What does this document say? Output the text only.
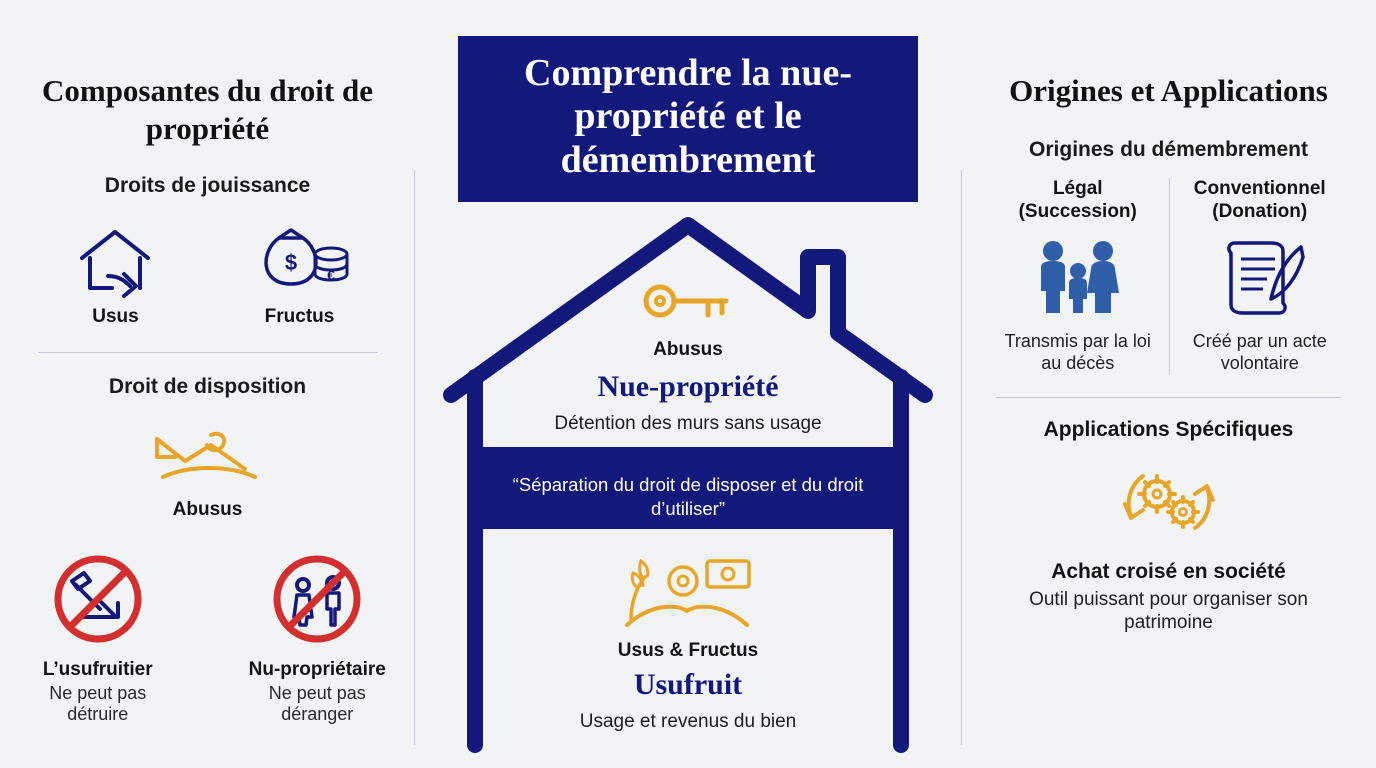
Composantes du droit de propriété
Droits de jouissance
Usus
$ €
Fructus
Droit de disposition
Abusus
L’usufruitier
Ne peut pas détruire
Nu-propriétaire
Ne peut pas déranger
Comprendre la nue-propriété et le démembrement
Abusus
Nue-propriété
Détention des murs sans usage
“Séparation du droit de disposer et du droit d’utiliser”
Usus & Fructus
Usufruit
Usage et revenus du bien
Origines et Applications
Origines du démembrement
Légal (Succession)
Transmis par la loi au décès
Conventionnel (Donation)
Créé par un acte volontaire
Applications Spécifiques
Achat croisé en société
Outil puissant pour organiser son patrimoine
